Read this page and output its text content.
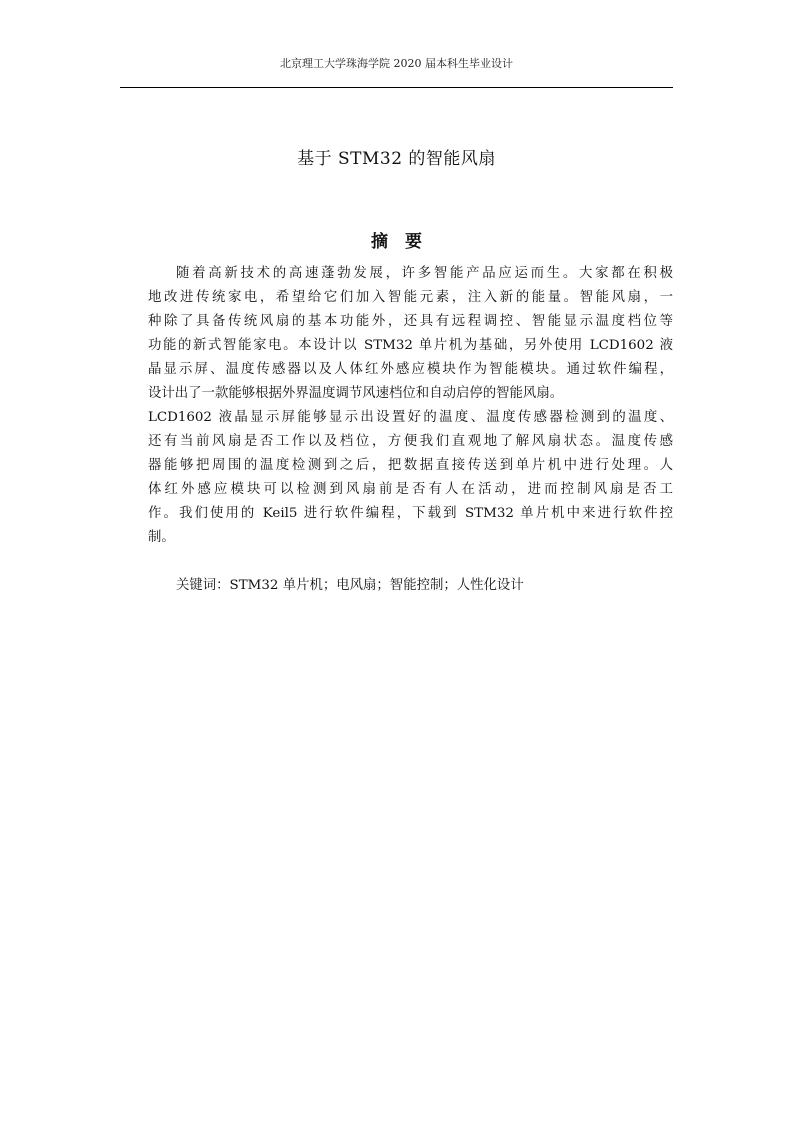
北京理工大学珠海学院 2020 届本科生毕业设计
基于 STM32 的智能风扇
摘　要
随着高新技术的高速蓬勃发展，许多智能产品应运而生。大家都在积极
地改进传统家电，希望给它们加入智能元素，注入新的能量。智能风扇，一
种除了具备传统风扇的基本功能外，还具有远程调控、智能显示温度档位等
功能的新式智能家电。本设计以 STM32 单片机为基础，另外使用 LCD1602 液
晶显示屏、温度传感器以及人体红外感应模块作为智能模块。通过软件编程，
设计出了一款能够根据外界温度调节风速档位和自动启停的智能风扇。
LCD1602 液晶显示屏能够显示出设置好的温度、温度传感器检测到的温度、
还有当前风扇是否工作以及档位，方便我们直观地了解风扇状态。温度传感
器能够把周围的温度检测到之后，把数据直接传送到单片机中进行处理。人
体红外感应模块可以检测到风扇前是否有人在活动，进而控制风扇是否工
作。我们使用的 Keil5 进行软件编程，下载到 STM32 单片机中来进行软件控
制。
关键词：STM32 单片机；电风扇；智能控制；人性化设计
